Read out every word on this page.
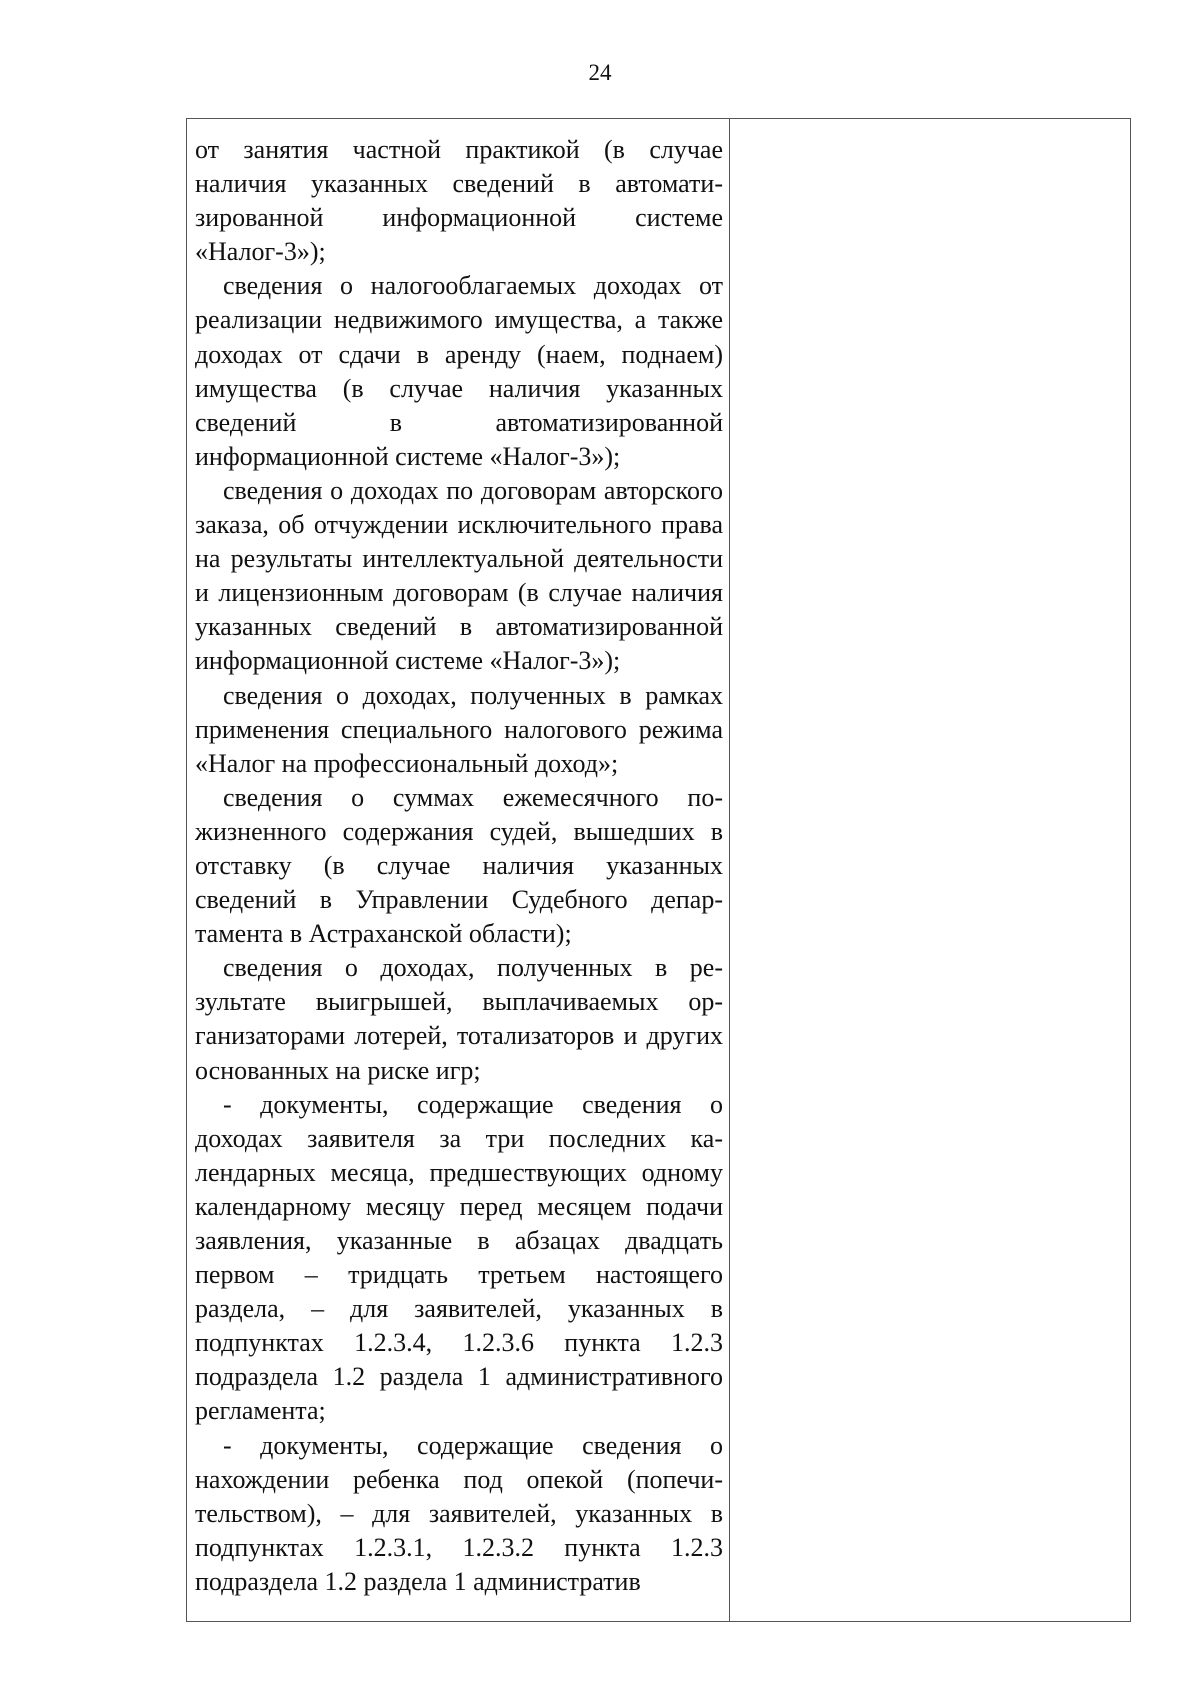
24

от занятия частной практикой (в случае наличия указанных сведений в автоматизированной информационной системе «Налог-3»);

сведения о налогооблагаемых доходах от реализации недвижимого имущества, а также доходах от сдачи в аренду (наем, поднаем) имущества (в случае наличия указанных сведений в автоматизированной информационной системе «Налог-3»);

сведения о доходах по договорам авторского заказа, об отчуждении исключительного права на результаты интеллектуальной деятельности и лицензионным договорам (в случае наличия указанных сведений в автоматизированной информационной системе «Налог-3»);

сведения о доходах, полученных в рамках применения специального налогового режима «Налог на профессиональный доход»;

сведения о суммах ежемесячного пожизненного содержания судей, вышедших в отставку (в случае наличия указанных сведений в Управлении Судебного департамента в Астраханской области);

сведения о доходах, полученных в результате выигрышей, выплачиваемых организаторами лотерей, тотализаторов и других основанных на риске игр;

- документы, содержащие сведения о доходах заявителя за три последних календарных месяца, предшествующих одному календарному месяцу перед месяцем подачи заявления, указанные в абзацах двадцать первом – тридцать третьем настоящего раздела, – для заявителей, указанных в подпунктах 1.2.3.4, 1.2.3.6 пункта 1.2.3 подраздела 1.2 раздела 1 административного регламента;

- документы, содержащие сведения о нахождении ребенка под опекой (попечительством), – для заявителей, указанных в подпунктах 1.2.3.1, 1.2.3.2 пункта 1.2.3 подраздела 1.2 раздела 1 административ
